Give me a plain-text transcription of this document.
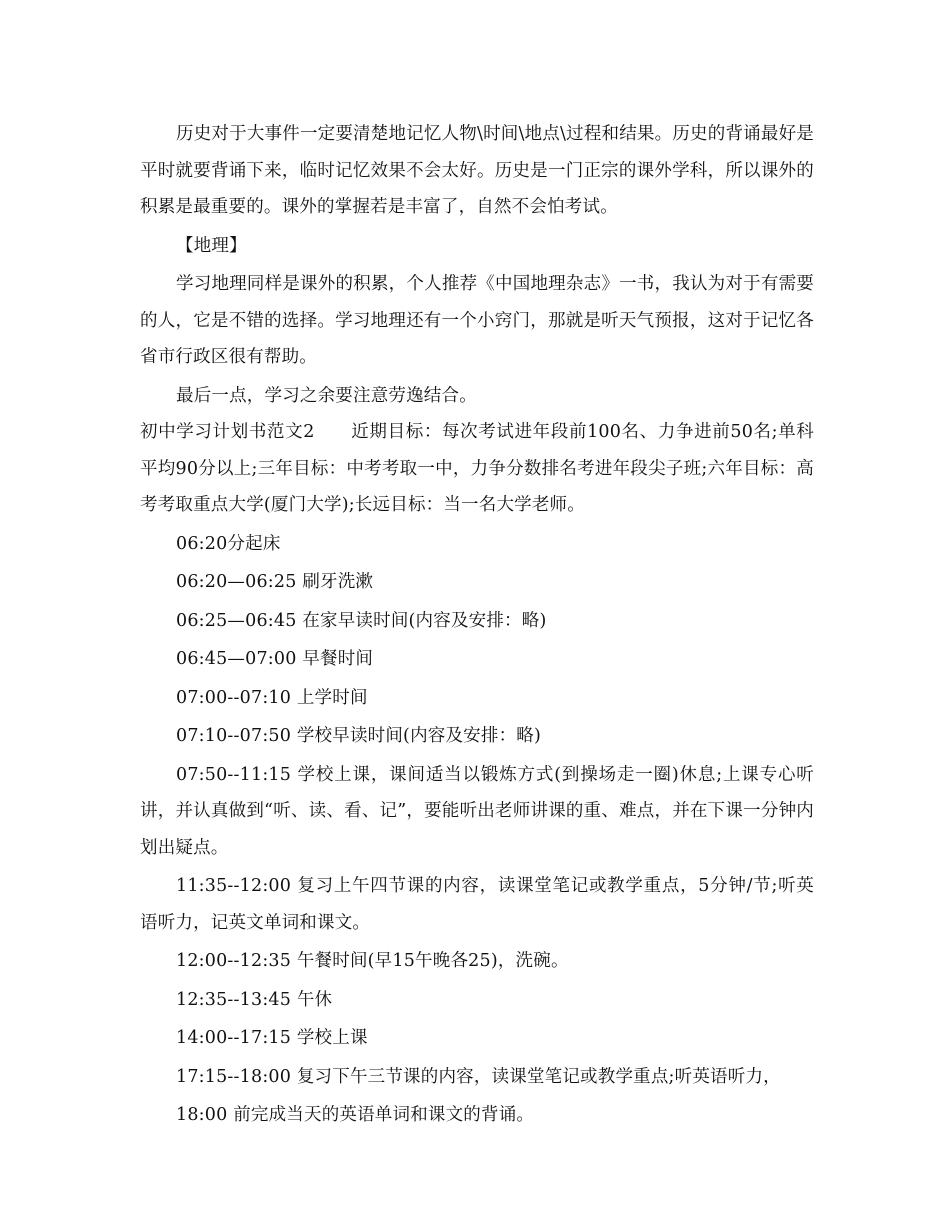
历史对于大事件一定要清楚地记忆人物\时间\地点\过程和结果。历史的背诵最好是平时就要背诵下来，临时记忆效果不会太好。历史是一门正宗的课外学科，所以课外的积累是最重要的。课外的掌握若是丰富了，自然不会怕考试。

【地理】

学习地理同样是课外的积累，个人推荐《中国地理杂志》一书，我认为对于有需要的人，它是不错的选择。学习地理还有一个小窍门，那就是听天气预报，这对于记忆各省市行政区很有帮助。

最后一点，学习之余要注意劳逸结合。

初中学习计划书范文2　　近期目标：每次考试进年段前100名、力争进前50名;单科平均90分以上;三年目标：中考考取一中，力争分数排名考进年段尖子班;六年目标：高考考取重点大学(厦门大学);长远目标：当一名大学老师。

06:20分起床

06:20—06:25 刷牙洗漱

06:25—06:45 在家早读时间(内容及安排：略)

06:45—07:00 早餐时间

07:00--07:10 上学时间

07:10--07:50 学校早读时间(内容及安排：略)

07:50--11:15 学校上课，课间适当以锻炼方式(到操场走一圈)休息;上课专心听讲，并认真做到“听、读、看、记”，要能听出老师讲课的重、难点，并在下课一分钟内划出疑点。

11:35--12:00 复习上午四节课的内容，读课堂笔记或教学重点，5分钟/节;听英语听力，记英文单词和课文。

12:00--12:35 午餐时间(早15午晚各25)，洗碗。

12:35--13:45 午休

14:00--17:15 学校上课

17:15--18:00 复习下午三节课的内容，读课堂笔记或教学重点;听英语听力，

18:00 前完成当天的英语单词和课文的背诵。
